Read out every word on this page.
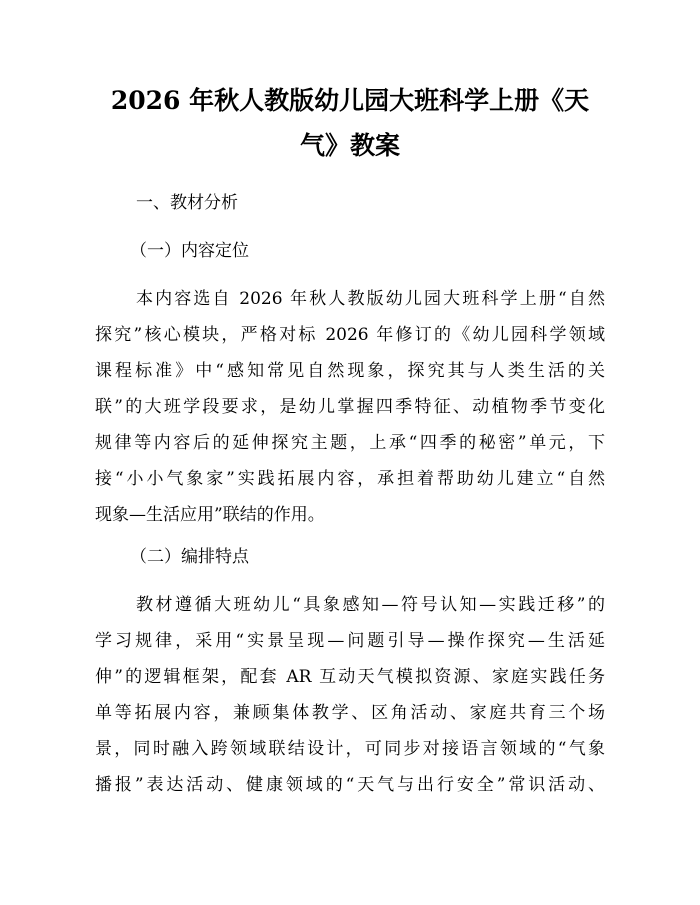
2026 年秋人教版幼儿园大班科学上册《天
气》教案
一、教材分析
（一）内容定位
本内容选自 2026 年秋人教版幼儿园大班科学上册“自然
探究”核心模块，严格对标 2026 年修订的《幼儿园科学领域
课程标准》中“感知常见自然现象，探究其与人类生活的关
联”的大班学段要求，是幼儿掌握四季特征、动植物季节变化
规律等内容后的延伸探究主题，上承“四季的秘密”单元，下
接“小小气象家”实践拓展内容，承担着帮助幼儿建立“自然
现象—生活应用”联结的作用。
（二）编排特点
教材遵循大班幼儿“具象感知—符号认知—实践迁移”的
学习规律，采用“实景呈现—问题引导—操作探究—生活延
伸”的逻辑框架，配套 AR 互动天气模拟资源、家庭实践任务
单等拓展内容，兼顾集体教学、区角活动、家庭共育三个场
景，同时融入跨领域联结设计，可同步对接语言领域的“气象
播报”表达活动、健康领域的“天气与出行安全”常识活动、
